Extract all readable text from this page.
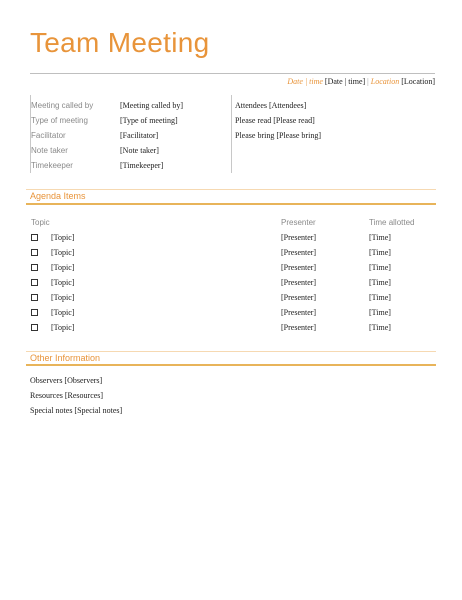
Team Meeting
Date | time [Date | time] | Location [Location]
Meeting called by	[Meeting called by]
Type of meeting	[Type of meeting]
Facilitator	[Facilitator]
Note taker	[Note taker]
Timekeeper	[Timekeeper]
Attendees [Attendees]
Please read [Please read]
Please bring [Please bring]
Agenda Items
Topic	Presenter	Time allotted
[Topic]	[Presenter]	[Time]
[Topic]	[Presenter]	[Time]
[Topic]	[Presenter]	[Time]
[Topic]	[Presenter]	[Time]
[Topic]	[Presenter]	[Time]
[Topic]	[Presenter]	[Time]
[Topic]	[Presenter]	[Time]
Other Information
Observers [Observers]
Resources [Resources]
Special notes [Special notes]
